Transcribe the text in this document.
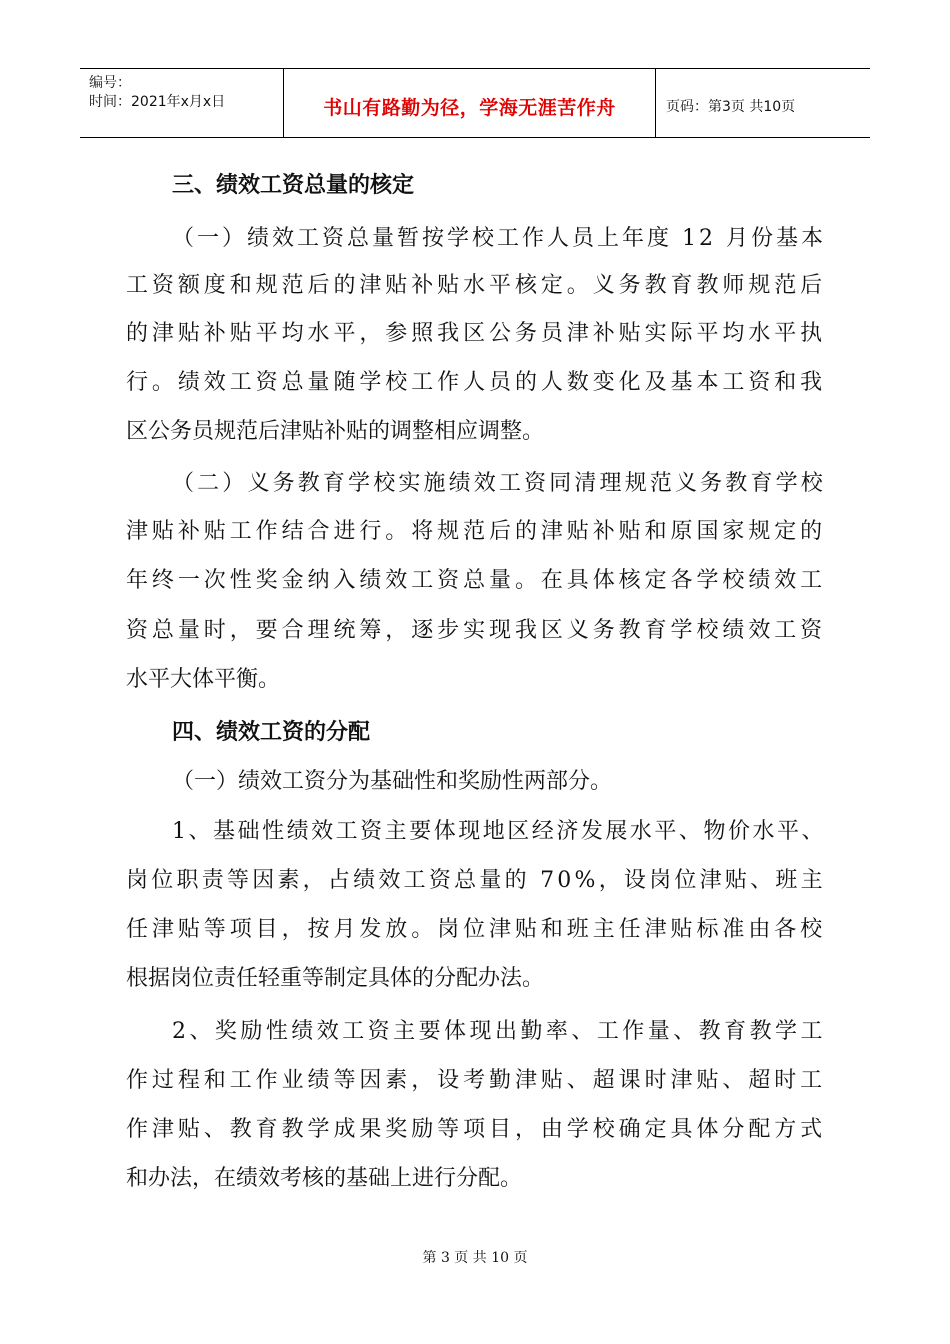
编号：
时间：2021年x月x日	书山有路勤为径，学海无涯苦作舟	页码：第3页 共10页
三、绩效工资总量的核定
（一）绩效工资总量暂按学校工作人员上年度 12 月份基本
工资额度和规范后的津贴补贴水平核定。义务教育教师规范后
的津贴补贴平均水平，参照我区公务员津补贴实际平均水平执
行。绩效工资总量随学校工作人员的人数变化及基本工资和我
区公务员规范后津贴补贴的调整相应调整。
（二）义务教育学校实施绩效工资同清理规范义务教育学校
津贴补贴工作结合进行。将规范后的津贴补贴和原国家规定的
年终一次性奖金纳入绩效工资总量。在具体核定各学校绩效工
资总量时，要合理统筹，逐步实现我区义务教育学校绩效工资
水平大体平衡。
四、绩效工资的分配
（一）绩效工资分为基础性和奖励性两部分。
1、基础性绩效工资主要体现地区经济发展水平、物价水平、
岗位职责等因素，占绩效工资总量的 70%，设岗位津贴、班主
任津贴等项目，按月发放。岗位津贴和班主任津贴标准由各校
根据岗位责任轻重等制定具体的分配办法。
2、奖励性绩效工资主要体现出勤率、工作量、教育教学工
作过程和工作业绩等因素，设考勤津贴、超课时津贴、超时工
作津贴、教育教学成果奖励等项目，由学校确定具体分配方式
和办法，在绩效考核的基础上进行分配。
第 3 页 共 10 页
